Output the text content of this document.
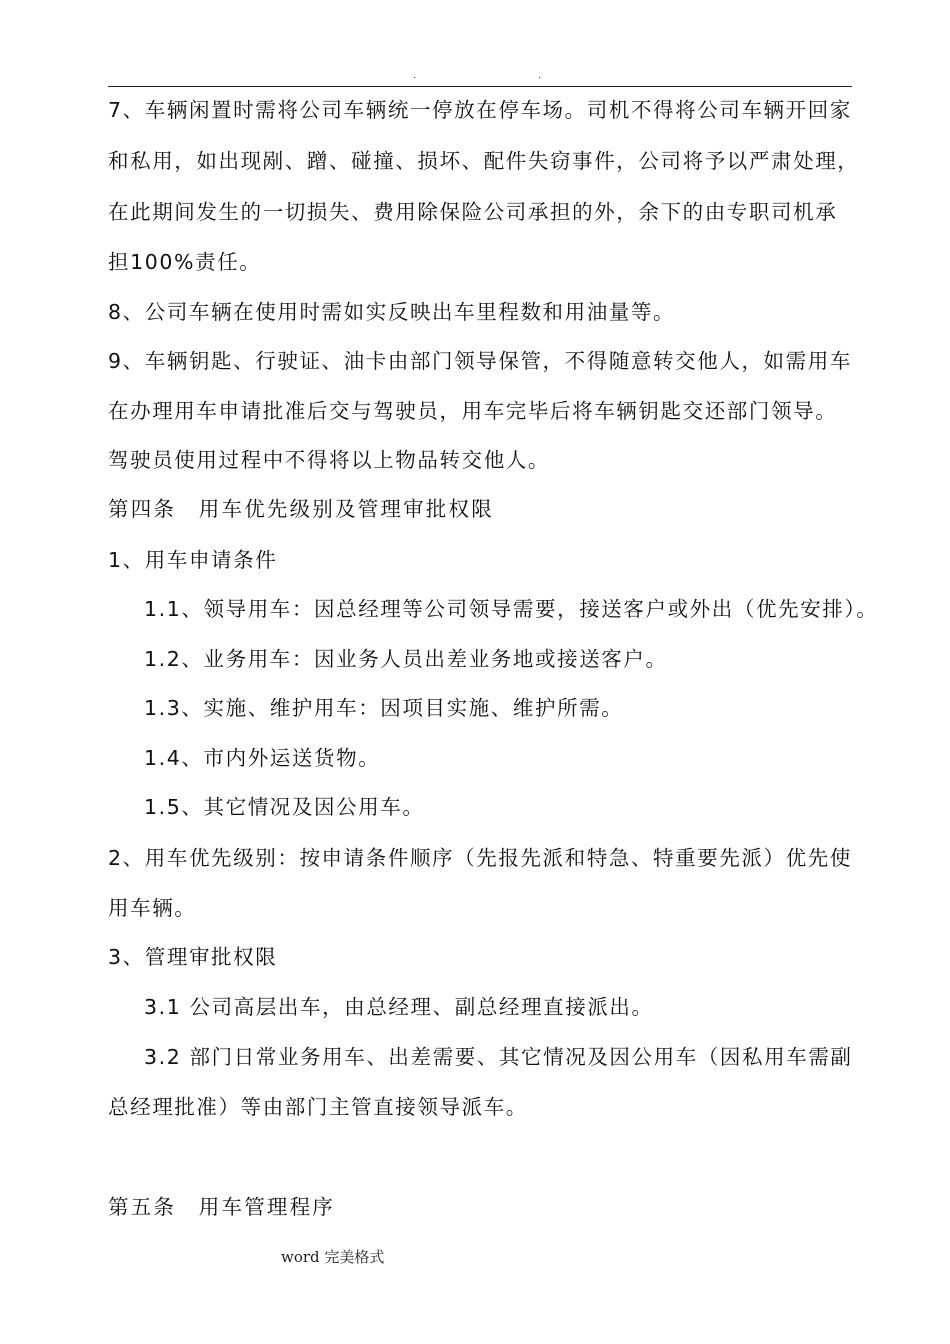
.	.
7、车辆闲置时需将公司车辆统一停放在停车场。司机不得将公司车辆开回家
和私用，如出现剐、蹭、碰撞、损坏、配件失窃事件，公司将予以严肃处理，
在此期间发生的一切损失、费用除保险公司承担的外，余下的由专职司机承
担100%责任。
8、公司车辆在使用时需如实反映出车里程数和用油量等。
9、车辆钥匙、行驶证、油卡由部门领导保管，不得随意转交他人，如需用车
在办理用车申请批准后交与驾驶员，用车完毕后将车辆钥匙交还部门领导。
驾驶员使用过程中不得将以上物品转交他人。
第四条　用车优先级别及管理审批权限
1、用车申请条件
1.1、领导用车：因总经理等公司领导需要，接送客户或外出（优先安排）。
1.2、业务用车：因业务人员出差业务地或接送客户。
1.3、实施、维护用车：因项目实施、维护所需。
1.4、市内外运送货物。
1.5、其它情况及因公用车。
2、用车优先级别：按申请条件顺序（先报先派和特急、特重要先派）优先使
用车辆。
3、管理审批权限
3.1 公司高层出车，由总经理、副总经理直接派出。
3.2 部门日常业务用车、出差需要、其它情况及因公用车（因私用车需副
总经理批准）等由部门主管直接领导派车。
第五条　用车管理程序
word 完美格式
